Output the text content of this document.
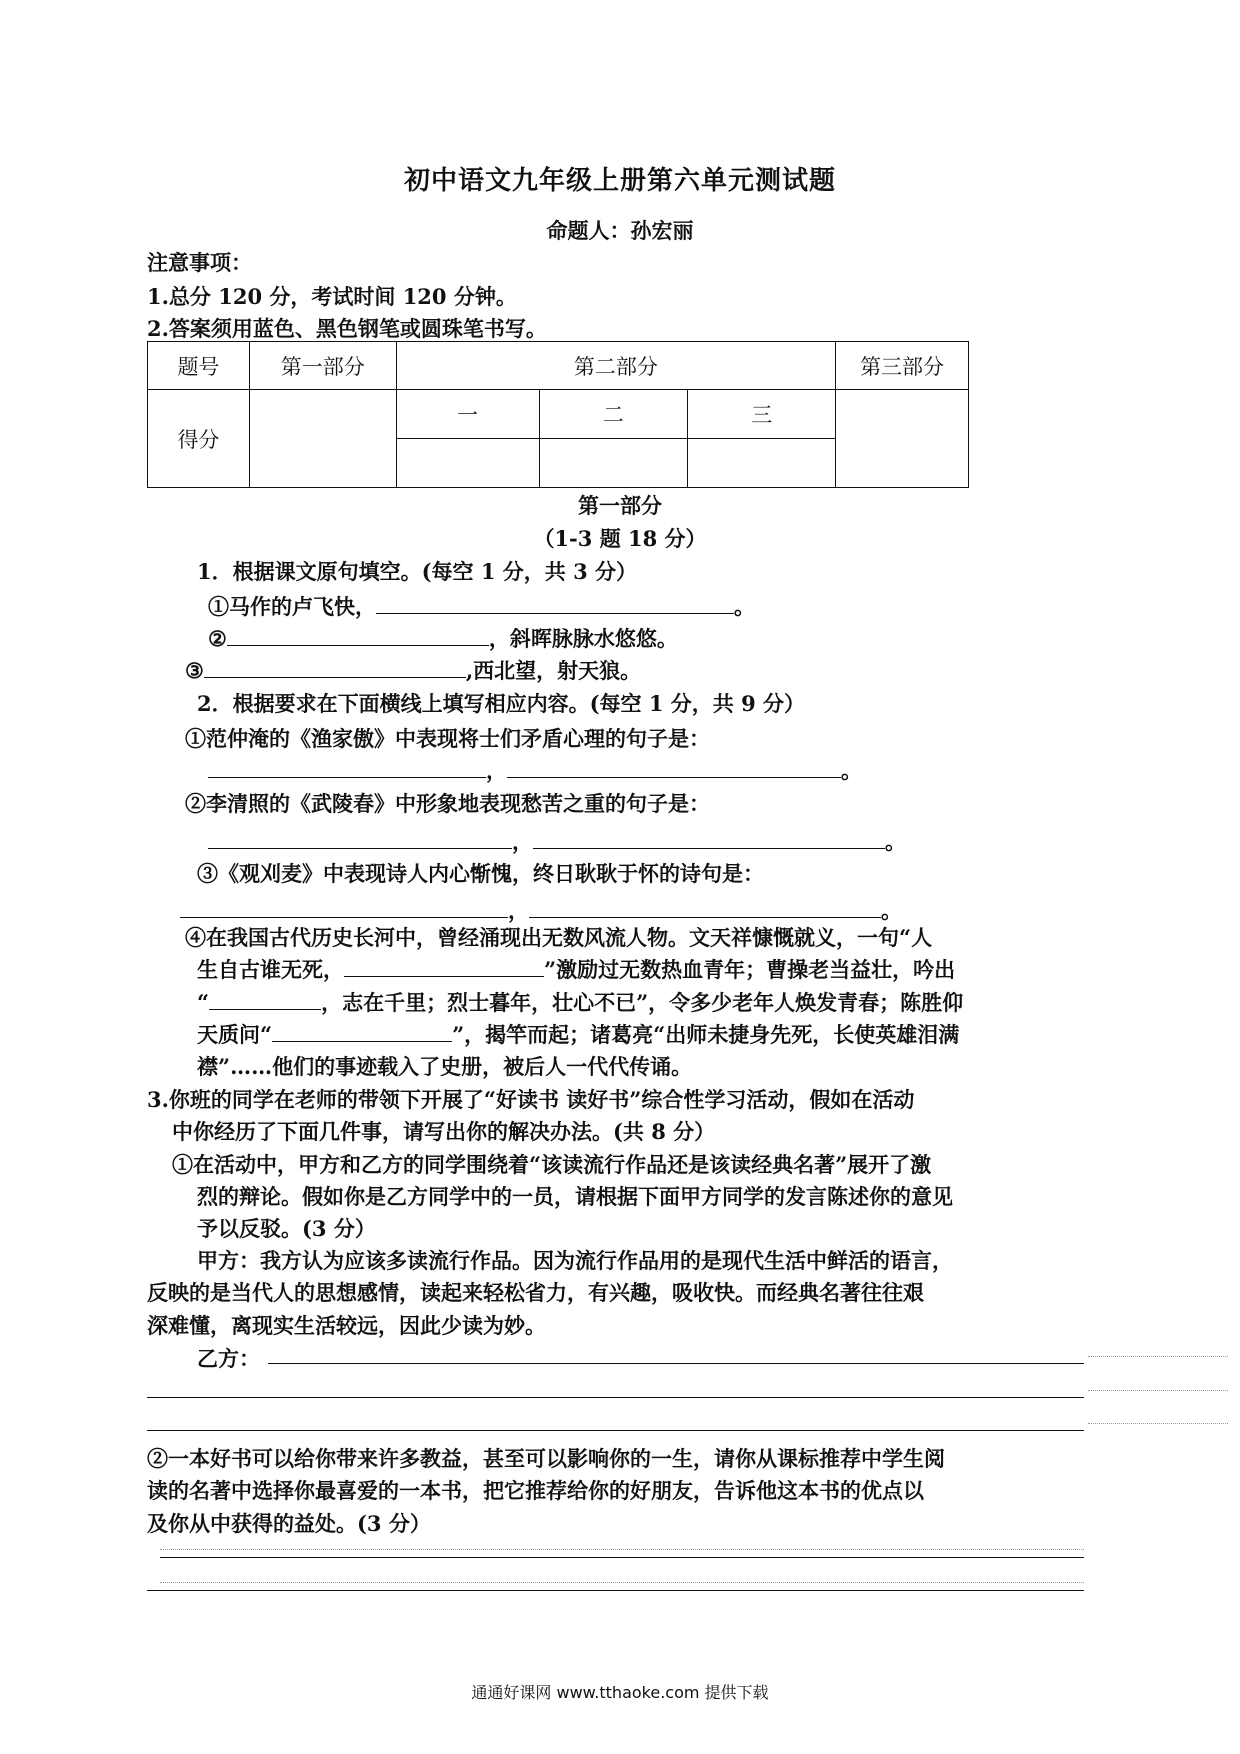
初中语文九年级上册第六单元测试题
命题人：孙宏丽
注意事项：
1.总分 120 分，考试时间 120 分钟。
2.答案须用蓝色、黑色钢笔或圆珠笔书写。
题号	第一部分	第二部分			第三部分
得分		一	二	三	

第一部分
（1-3 题 18 分）
1．根据课文原句填空。(每空 1 分，共 3 分）
①马作的卢飞快，	。
②	，斜晖脉脉水悠悠。
③	,西北望，射天狼。
2．根据要求在下面横线上填写相应内容。(每空 1 分，共 9 分）
①范仲淹的《渔家傲》中表现将士们矛盾心理的句子是：
，	。
②李清照的《武陵春》中形象地表现愁苦之重的句子是：
，	。
③《观刈麦》中表现诗人内心惭愧，终日耿耿于怀的诗句是：
，	。
④在我国古代历史长河中，曾经涌现出无数风流人物。文天祥慷慨就义，一句“人
生自古谁无死，	”激励过无数热血青年；曹操老当益壮，吟出
“	，志在千里；烈士暮年，壮心不已”，令多少老年人焕发青春；陈胜仰
天质问“	”，揭竿而起；诸葛亮“出师未捷身先死，长使英雄泪满
襟”……他们的事迹载入了史册，被后人一代代传诵。
3.你班的同学在老师的带领下开展了“好读书 读好书”综合性学习活动，假如在活动
中你经历了下面几件事，请写出你的解决办法。(共 8 分）
①在活动中，甲方和乙方的同学围绕着“该读流行作品还是该读经典名著”展开了激
烈的辩论。假如你是乙方同学中的一员，请根据下面甲方同学的发言陈述你的意见
予以反驳。(3 分）
甲方：我方认为应该多读流行作品。因为流行作品用的是现代生活中鲜活的语言，
反映的是当代人的思想感情，读起来轻松省力，有兴趣，吸收快。而经典名著往往艰
深难懂，离现实生活较远，因此少读为妙。
乙方：
②一本好书可以给你带来许多教益，甚至可以影响你的一生，请你从课标推荐中学生阅
读的名著中选择你最喜爱的一本书，把它推荐给你的好朋友，告诉他这本书的优点以
及你从中获得的益处。(3 分）
通通好课网 www.tthaoke.com 提供下载
